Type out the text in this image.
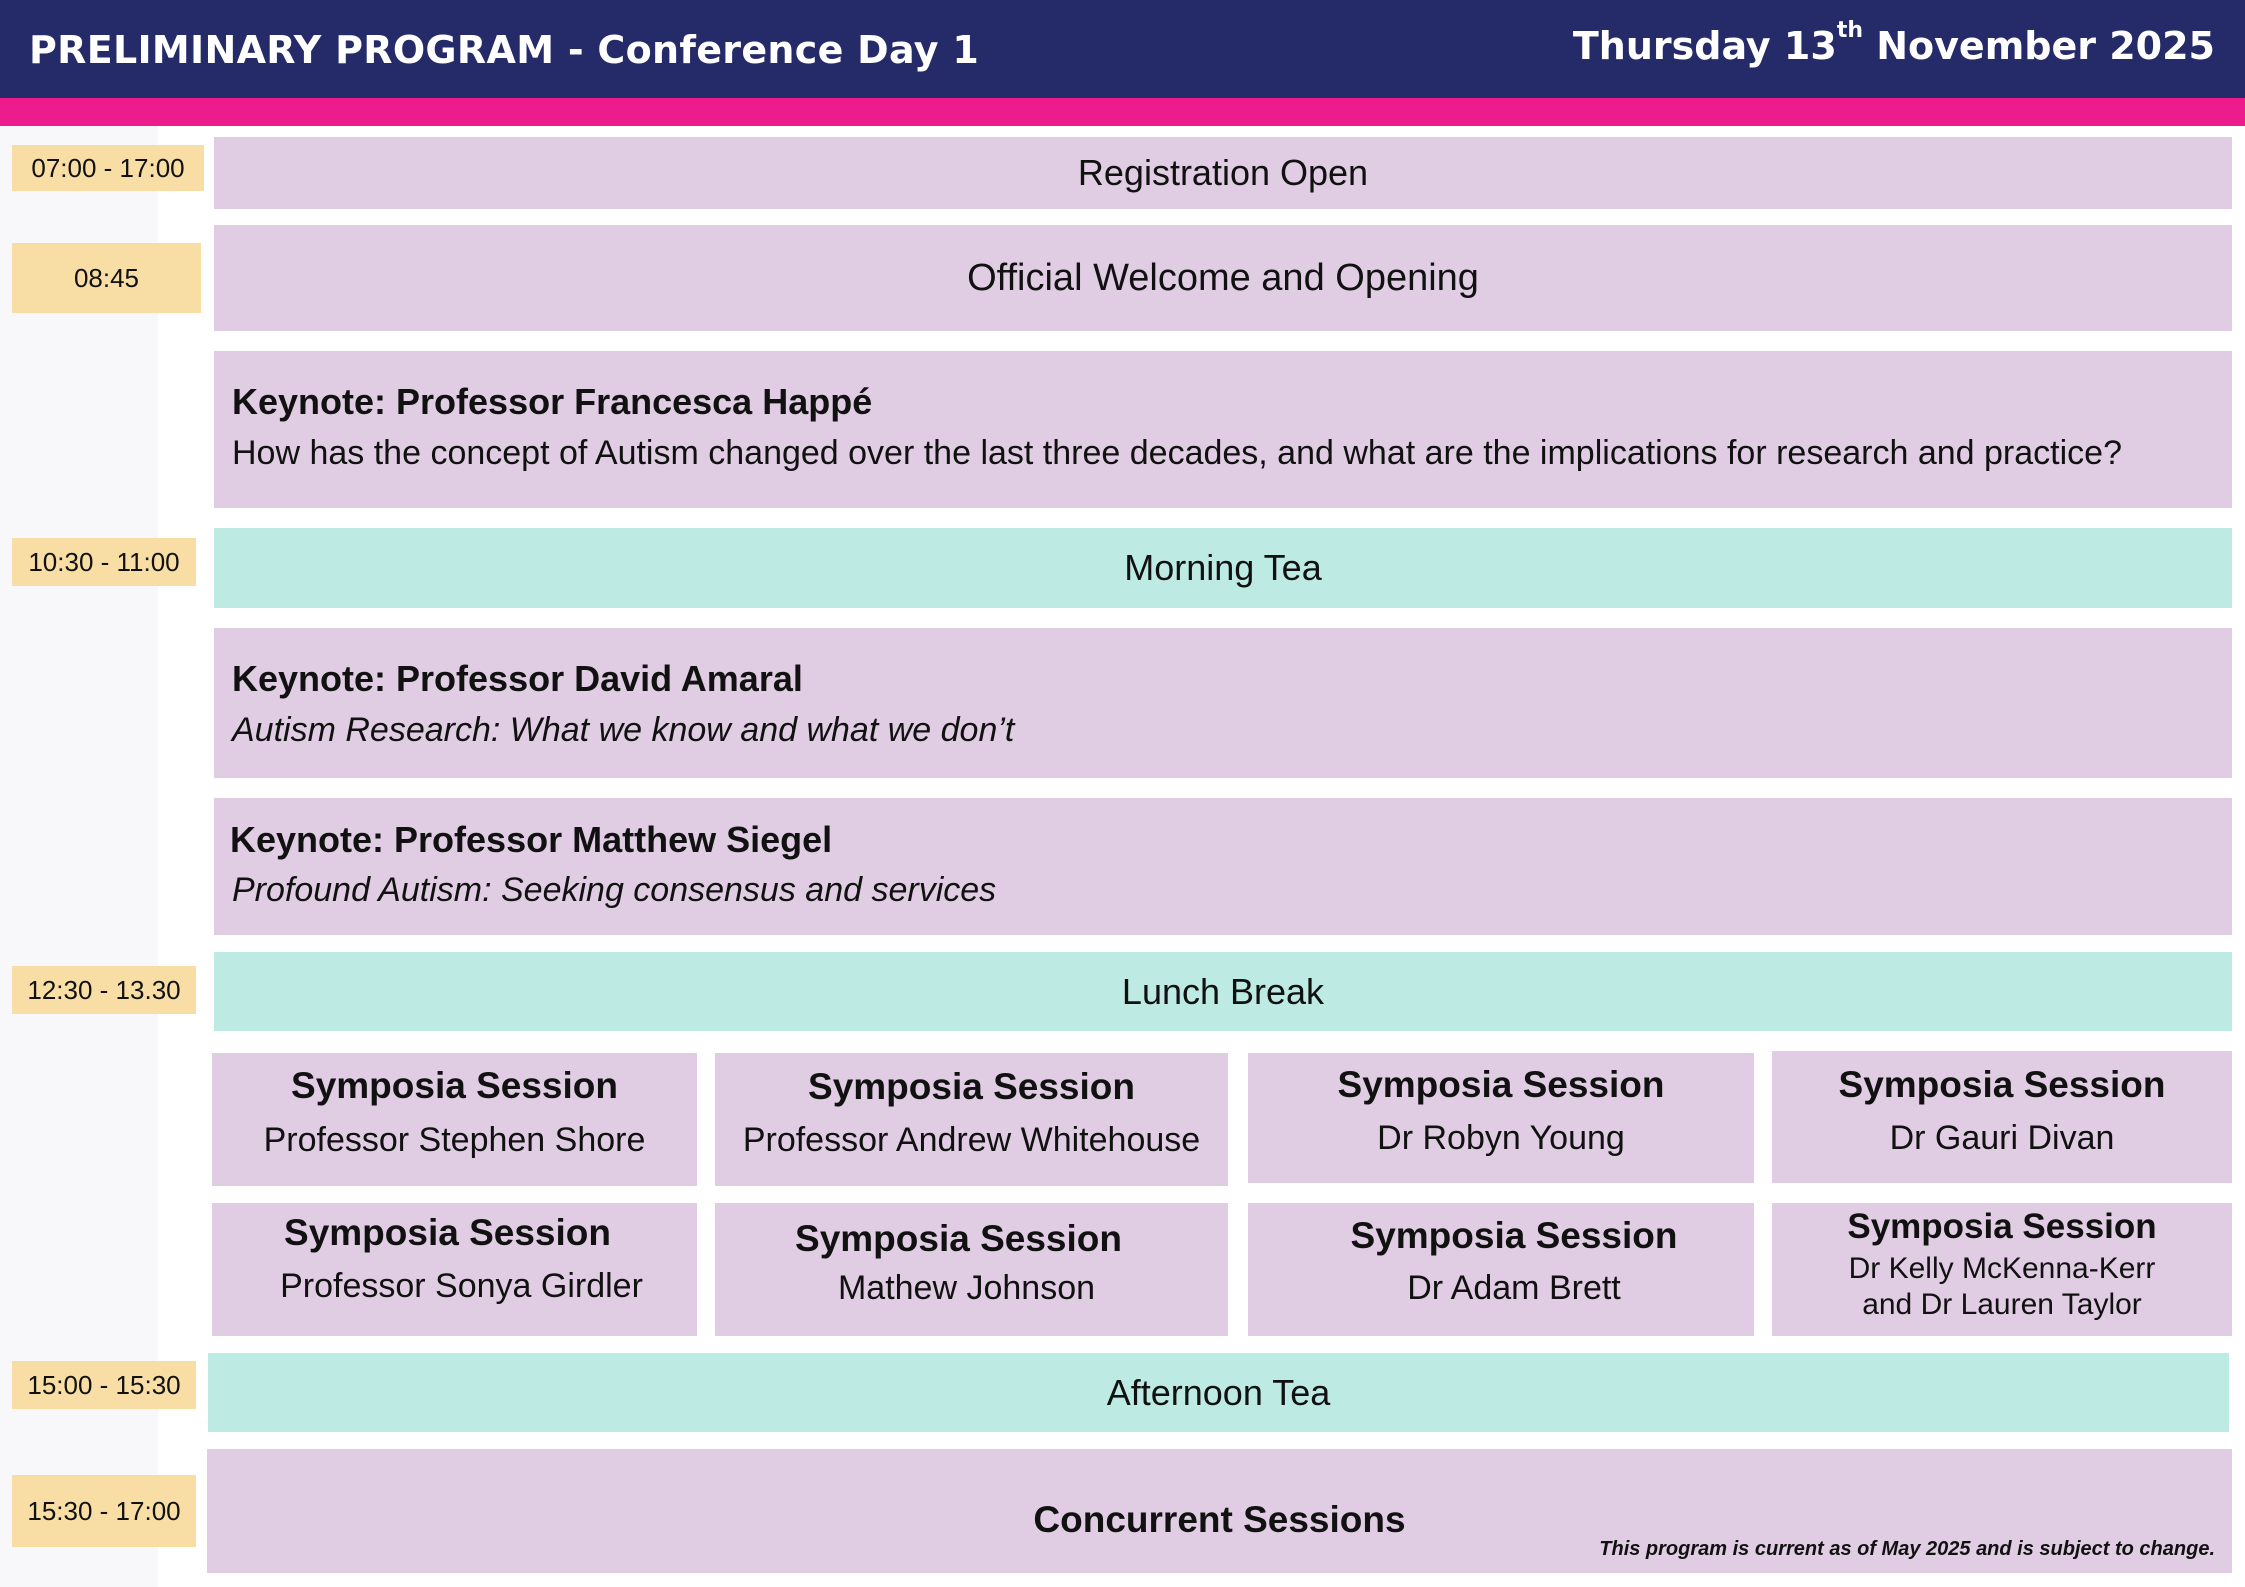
PRELIMINARY PROGRAM - Conference Day 1	Thursday 13th November 2025
07:00 - 17:00	Registration Open
08:45	Official Welcome and Opening
Keynote: Professor Francesca Happé
How has the concept of Autism changed over the last three decades, and what are the implications for research and practice?
10:30 - 11:00	Morning Tea
Keynote: Professor David Amaral
Autism Research: What we know and what we don’t
Keynote: Professor Matthew Siegel
Profound Autism: Seeking consensus and services
12:30 - 13.30	Lunch Break
Symposia Session
Professor Stephen Shore
Symposia Session
Professor Andrew Whitehouse
Symposia Session
Dr Robyn Young
Symposia Session
Dr Gauri Divan
Symposia Session
Professor Sonya Girdler
Symposia Session
Mathew Johnson
Symposia Session
Dr Adam Brett
Symposia Session
Dr Kelly McKenna-Kerr
and Dr Lauren Taylor
15:00 - 15:30	Afternoon Tea
15:30 - 17:00	Concurrent Sessions
This program is current as of May 2025 and is subject to change.
